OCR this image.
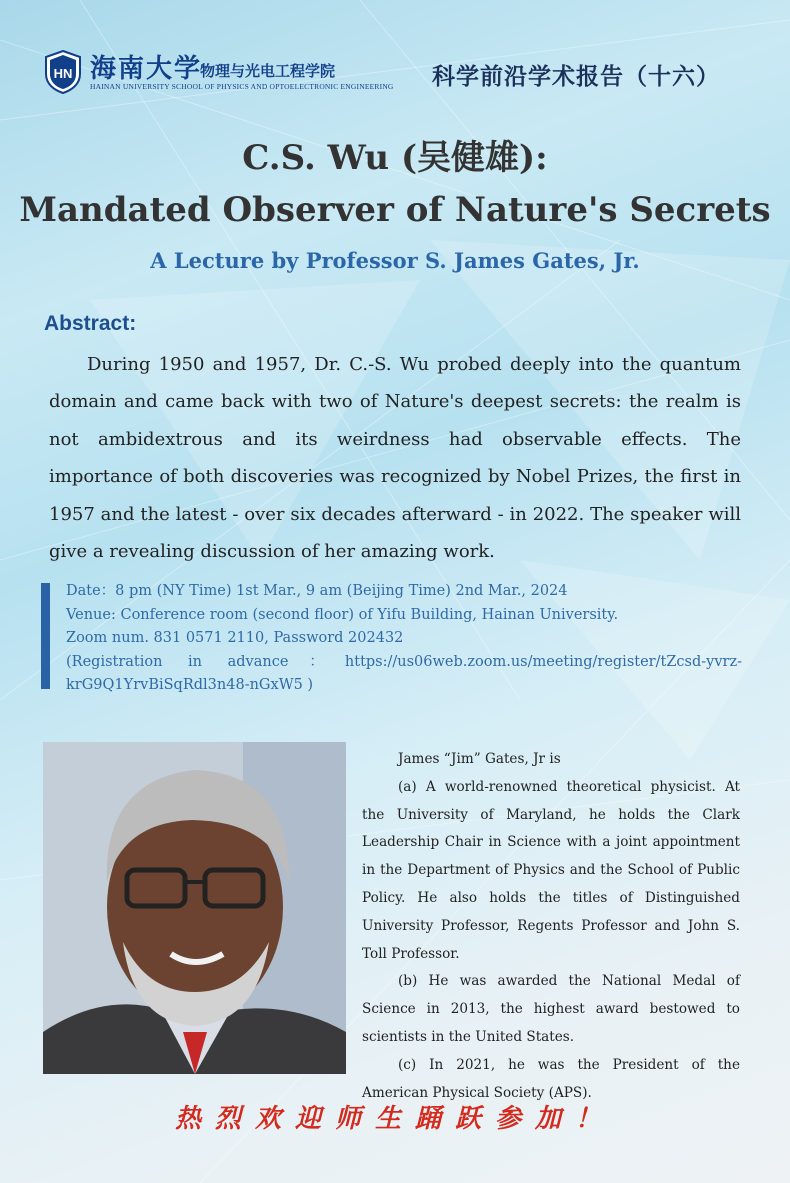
HN 海南大学
物理与光电工程学院
HAINAN UNIVERSITY SCHOOL OF PHYSICS AND OPTOELECTRONIC ENGINEERING 科学前沿学术报告（十六）
C.S. Wu (吴健雄):
Mandated Observer of Nature's Secrets
A Lecture by Professor S. James Gates, Jr.
Abstract:
During 1950 and 1957, Dr. C.-S. Wu probed deeply into the quantum domain and came back with two of Nature's deepest secrets: the realm is not ambidextrous and its weirdness had observable effects. The importance of both discoveries was recognized by Nobel Prizes, the first in 1957 and the latest - over six decades afterward - in 2022. The speaker will give a revealing discussion of her amazing work.
Date：8 pm (NY Time) 1st Mar., 9 am (Beijing Time) 2nd Mar., 2024
Venue: Conference room (second floor) of Yifu Building, Hainan University.
Zoom num. 831 0571 2110, Password 202432
(Registration in advance：https://us06web.zoom.us/meeting/register/tZcsd-yvrz-krG9Q1YrvBiSqRdl3n48-nGxW5 )

James “Jim” Gates, Jr is

(a) A world-renowned theoretical physicist. At the University of Maryland, he holds the Clark Leadership Chair in Science with a joint appointment in the Department of Physics and the School of Public Policy. He also holds the titles of Distinguished University Professor, Regents Professor and John S. Toll Professor.

(b) He was awarded the National Medal of Science in 2013, the highest award bestowed to scientists in the United States.

(c) In 2021, he was the President of the American Physical Society (APS).

热烈欢迎师生踊跃参加！
